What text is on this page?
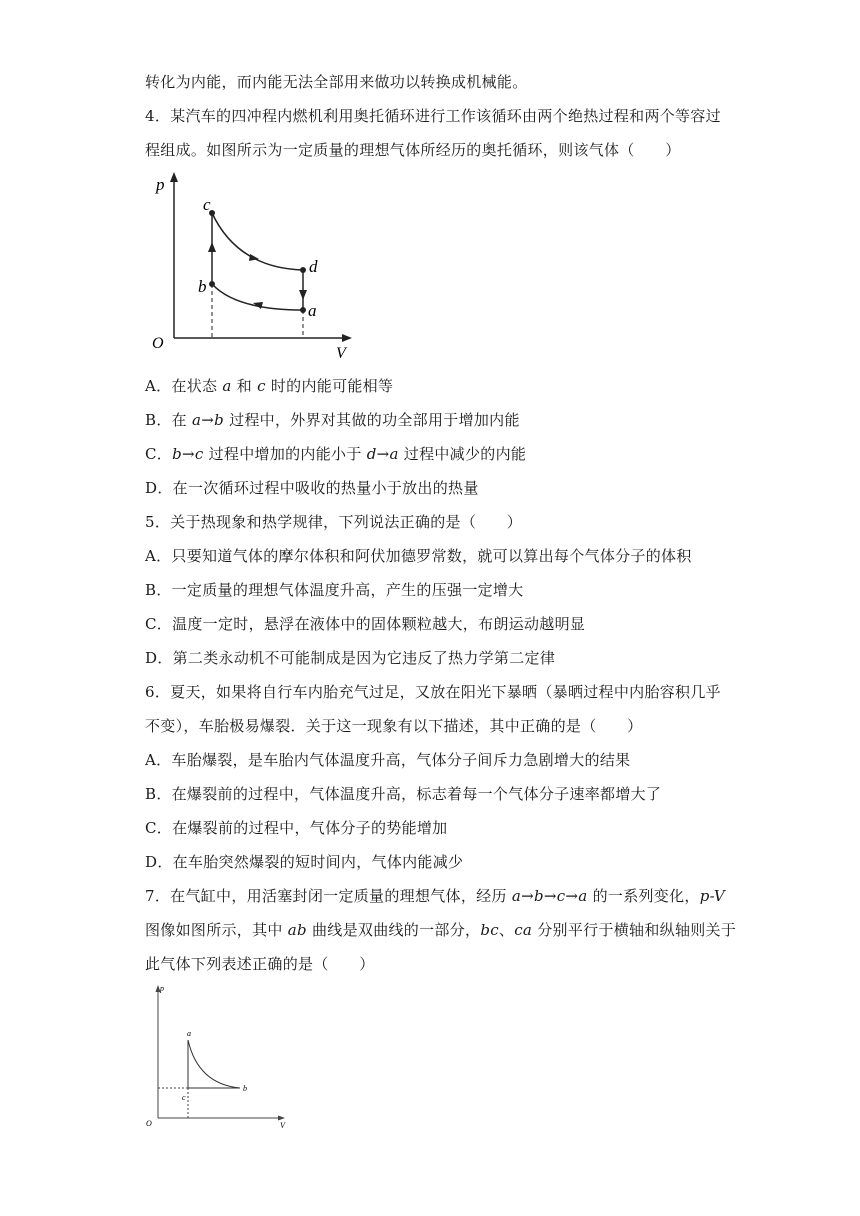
转化为内能，而内能无法全部用来做功以转换成机械能。
4．某汽车的四冲程内燃机利用奥托循环进行工作该循环由两个绝热过程和两个等容过
程组成。如图所示为一定质量的理想气体所经历的奥托循环，则该气体（　　）
p
V
O
c
b
d
a
A．在状态 a 和 c 时的内能可能相等
B．在 a→b 过程中，外界对其做的功全部用于增加内能
C．b→c 过程中增加的内能小于 d→a 过程中减少的内能
D．在一次循环过程中吸收的热量小于放出的热量
5．关于热现象和热学规律，下列说法正确的是（　　）
A．只要知道气体的摩尔体积和阿伏加德罗常数，就可以算出每个气体分子的体积
B．一定质量的理想气体温度升高，产生的压强一定增大
C．温度一定时，悬浮在液体中的固体颗粒越大，布朗运动越明显
D．第二类永动机不可能制成是因为它违反了热力学第二定律
6．夏天，如果将自行车内胎充气过足，又放在阳光下暴晒（暴晒过程中内胎容积几乎
不变），车胎极易爆裂．关于这一现象有以下描述，其中正确的是（　　）
A．车胎爆裂，是车胎内气体温度升高，气体分子间斥力急剧增大的结果
B．在爆裂前的过程中，气体温度升高，标志着每一个气体分子速率都增大了
C．在爆裂前的过程中，气体分子的势能增加
D．在车胎突然爆裂的短时间内，气体内能减少
7．在气缸中，用活塞封闭一定质量的理想气体，经历 a→b→c→a 的一系列变化，p-V
图像如图所示，其中 ab 曲线是双曲线的一部分，bc、ca 分别平行于横轴和纵轴则关于
此气体下列表述正确的是（　　）
p
V
O
a
b
c
